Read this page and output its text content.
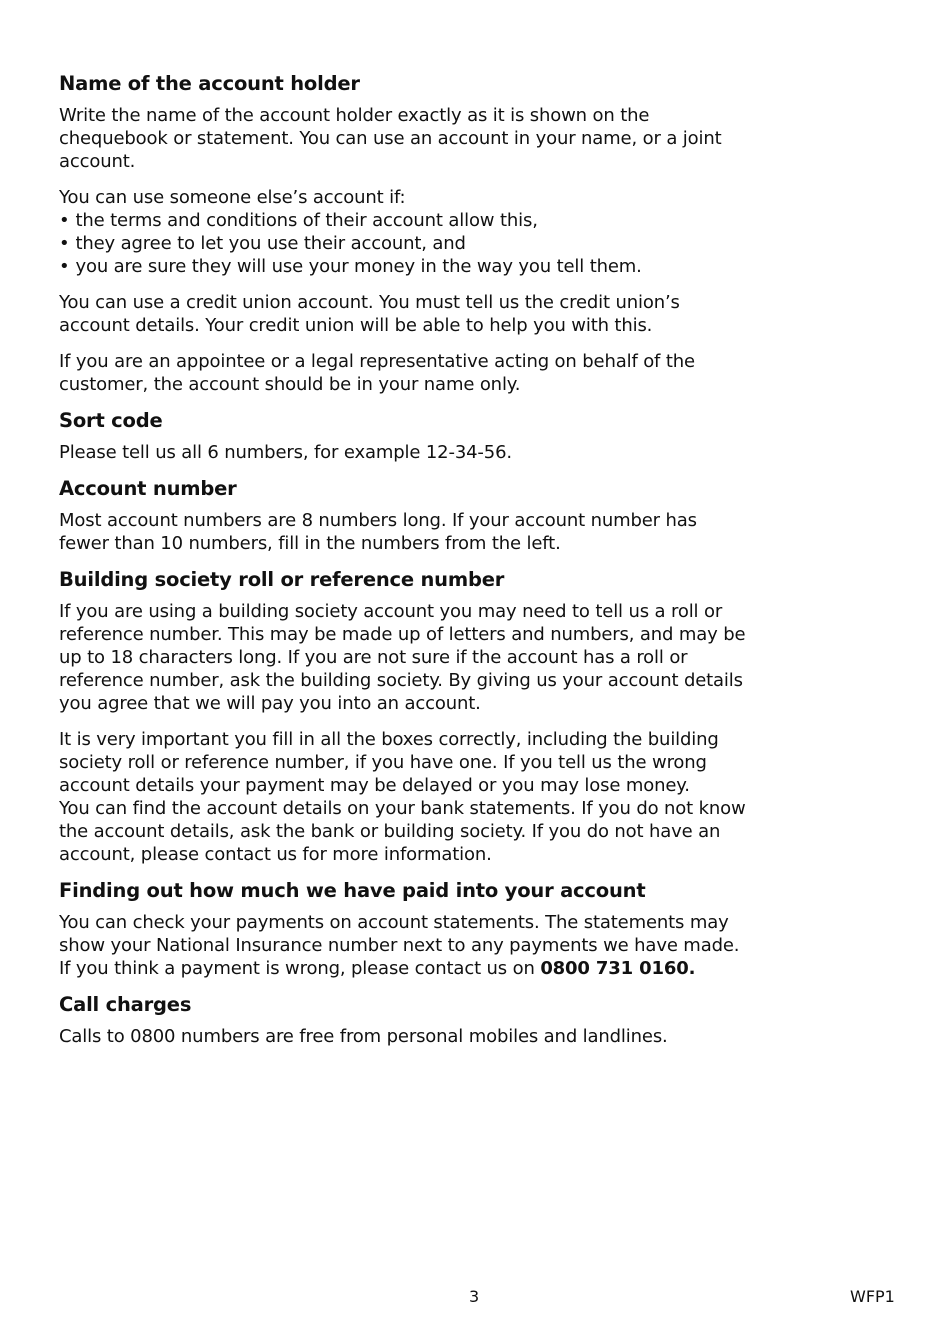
Name of the account holder

Write the name of the account holder exactly as it is shown on the chequebook or statement. You can use an account in your name, or a joint account.

You can use someone else’s account if:

• the terms and conditions of their account allow this,
• they agree to let you use their account, and
• you are sure they will use your money in the way you tell them.

You can use a credit union account. You must tell us the credit union’s account details. Your credit union will be able to help you with this.

If you are an appointee or a legal representative acting on behalf of the customer, the account should be in your name only.

Sort code

Please tell us all 6 numbers, for example 12-34-56.

Account number

Most account numbers are 8 numbers long. If your account number has fewer than 10 numbers, fill in the numbers from the left.

Building society roll or reference number

If you are using a building society account you may need to tell us a roll or reference number. This may be made up of letters and numbers, and may be up to 18 characters long. If you are not sure if the account has a roll or reference number, ask the building society. By giving us your account details you agree that we will pay you into an account.

It is very important you fill in all the boxes correctly, including the building society roll or reference number, if you have one. If you tell us the wrong account details your payment may be delayed or you may lose money.
You can find the account details on your bank statements. If you do not know the account details, ask the bank or building society. If you do not have an account, please contact us for more information.

Finding out how much we have paid into your account

You can check your payments on account statements. The statements may show your National Insurance number next to any payments we have made.
If you think a payment is wrong, please contact us on 0800 731 0160.

Call charges

Calls to 0800 numbers are free from personal mobiles and landlines.

3	WFP1
